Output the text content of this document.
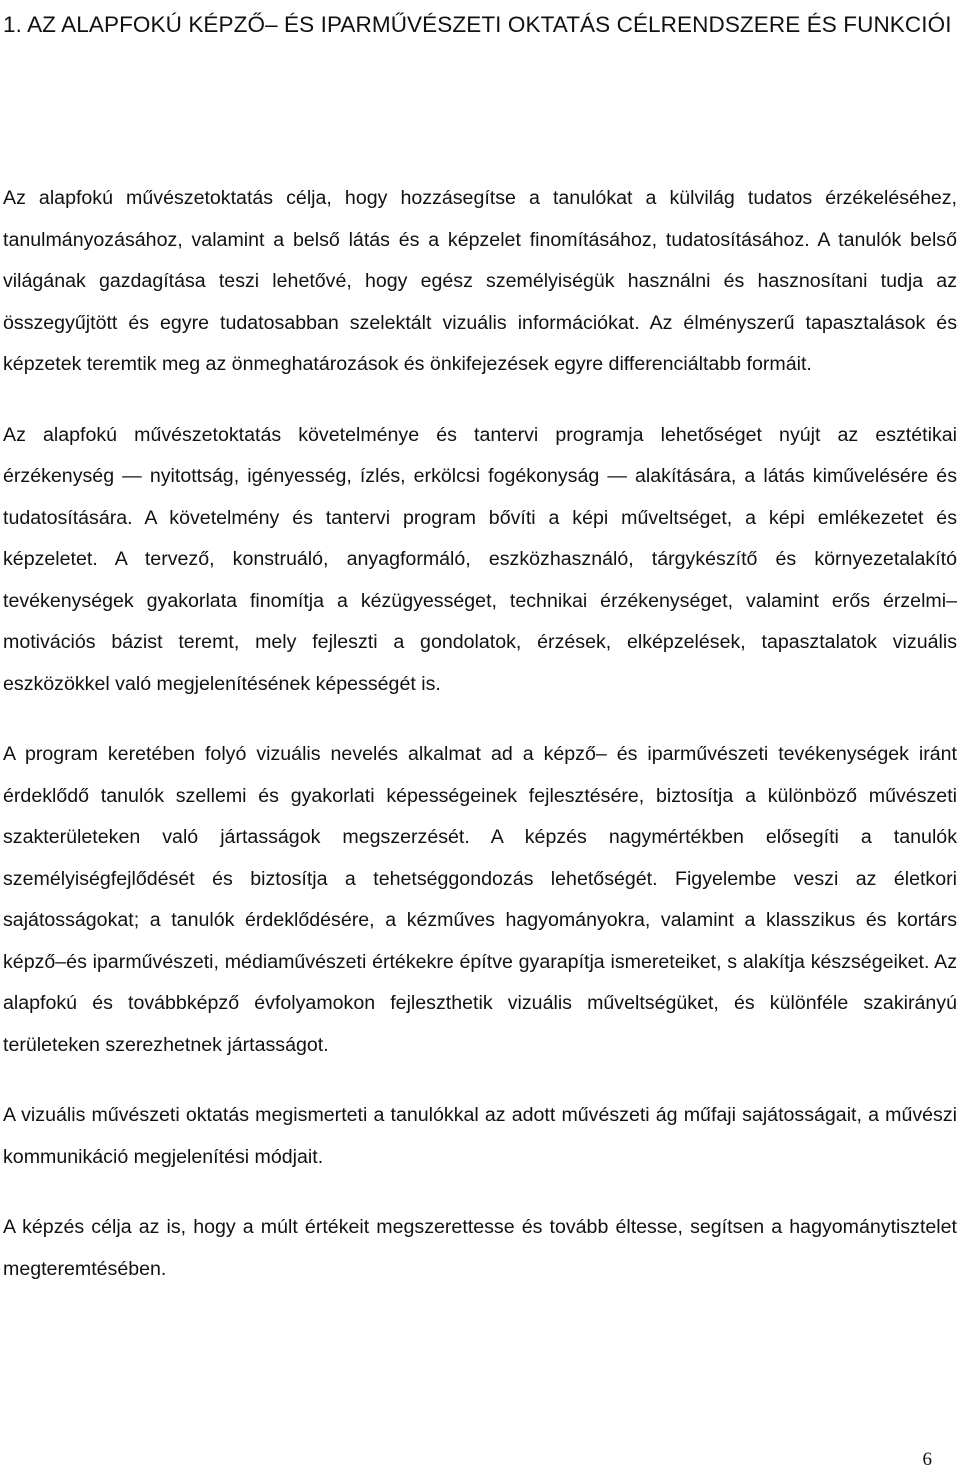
1. AZ ALAPFOKÚ KÉPZŐ– ÉS IPARMŰVÉSZETI OKTATÁS CÉLRENDSZERE ÉS FUNKCIÓI

Az alapfokú művészetoktatás célja, hogy hozzásegítse a tanulókat a külvilág tudatos érzékeléséhez, tanulmányozásához, valamint a belső látás és a képzelet finomításához, tudatosításához. A tanulók belső világának gazdagítása teszi lehetővé, hogy egész személyiségük használni és hasznosítani tudja az összegyűjtött és egyre tudatosabban szelektált vizuális információkat. Az élményszerű tapasztalások és képzetek teremtik meg az önmeghatározások és önkifejezések egyre differenciáltabb formáit.

Az alapfokú művészetoktatás követelménye és tantervi programja lehetőséget nyújt az esztétikai érzékenység — nyitottság, igényesség, ízlés, erkölcsi fogékonyság — alakítására, a látás kiművelésére és tudatosítására. A követelmény és tantervi program bővíti a képi műveltséget, a képi emlékezetet és képzeletet. A tervező, konstruáló, anyagformáló, eszközhasználó, tárgykészítő és környezetalakító tevékenységek gyakorlata finomítja a kézügyességet, technikai érzékenységet, valamint erős érzelmi– motivációs bázist teremt, mely fejleszti a gondolatok, érzések, elképzelések, tapasztalatok vizuális eszközökkel való megjelenítésének képességét is.

A program keretében folyó vizuális nevelés alkalmat ad a képző– és iparművészeti tevékenységek iránt érdeklődő tanulók szellemi és gyakorlati képességeinek fejlesztésére, biztosítja a különböző művészeti szakterületeken való jártasságok megszerzését. A képzés nagymértékben elősegíti a tanulók személyiségfejlődését és biztosítja a tehetséggondozás lehetőségét. Figyelembe veszi az életkori sajátosságokat; a tanulók érdeklődésére, a kézműves hagyományokra, valamint a klasszikus és kortárs képző–és iparművészeti, médiaművészeti értékekre építve gyarapítja ismereteiket, s alakítja készségeiket. Az alapfokú és továbbképző évfolyamokon fejleszthetik vizuális műveltségüket, és különféle szakirányú területeken szerezhetnek jártasságot.

A vizuális művészeti oktatás megismerteti a tanulókkal az adott művészeti ág műfaji sajátosságait, a művészi kommunikáció megjelenítési módjait.

A képzés célja az is, hogy a múlt értékeit megszerettesse és tovább éltesse, segítsen a hagyománytisztelet megteremtésében.

6
